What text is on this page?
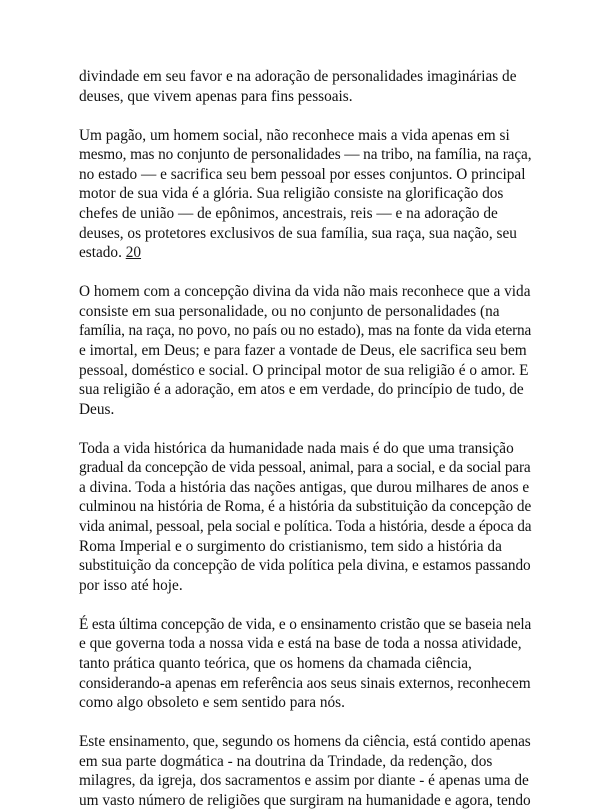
divindade em seu favor e na adoração de personalidades imaginárias de
deuses, que vivem apenas para fins pessoais.

Um pagão, um homem social, não reconhece mais a vida apenas em si
mesmo, mas no conjunto de personalidades — na tribo, na família, na raça,
no estado — e sacrifica seu bem pessoal por esses conjuntos. O principal
motor de sua vida é a glória. Sua religião consiste na glorificação dos
chefes de união — de epônimos, ancestrais, reis — e na adoração de
deuses, os protetores exclusivos de sua família, sua raça, sua nação, seu
estado. 20

O homem com a concepção divina da vida não mais reconhece que a vida
consiste em sua personalidade, ou no conjunto de personalidades (na
família, na raça, no povo, no país ou no estado), mas na fonte da vida eterna
e imortal, em Deus; e para fazer a vontade de Deus, ele sacrifica seu bem
pessoal, doméstico e social. O principal motor de sua religião é o amor. E
sua religião é a adoração, em atos e em verdade, do princípio de tudo, de
Deus.

Toda a vida histórica da humanidade nada mais é do que uma transição
gradual da concepção de vida pessoal, animal, para a social, e da social para
a divina. Toda a história das nações antigas, que durou milhares de anos e
culminou na história de Roma, é a história da substituição da concepção de
vida animal, pessoal, pela social e política. Toda a história, desde a época da
Roma Imperial e o surgimento do cristianismo, tem sido a história da
substituição da concepção de vida política pela divina, e estamos passando
por isso até hoje.

É esta última concepção de vida, e o ensinamento cristão que se baseia nela
e que governa toda a nossa vida e está na base de toda a nossa atividade,
tanto prática quanto teórica, que os homens da chamada ciência,
considerando-a apenas em referência aos seus sinais externos, reconhecem
como algo obsoleto e sem sentido para nós.

Este ensinamento, que, segundo os homens da ciência, está contido apenas
em sua parte dogmática - na doutrina da Trindade, da redenção, dos
milagres, da igreja, dos sacramentos e assim por diante - é apenas uma de
um vasto número de religiões que surgiram na humanidade e agora, tendo
